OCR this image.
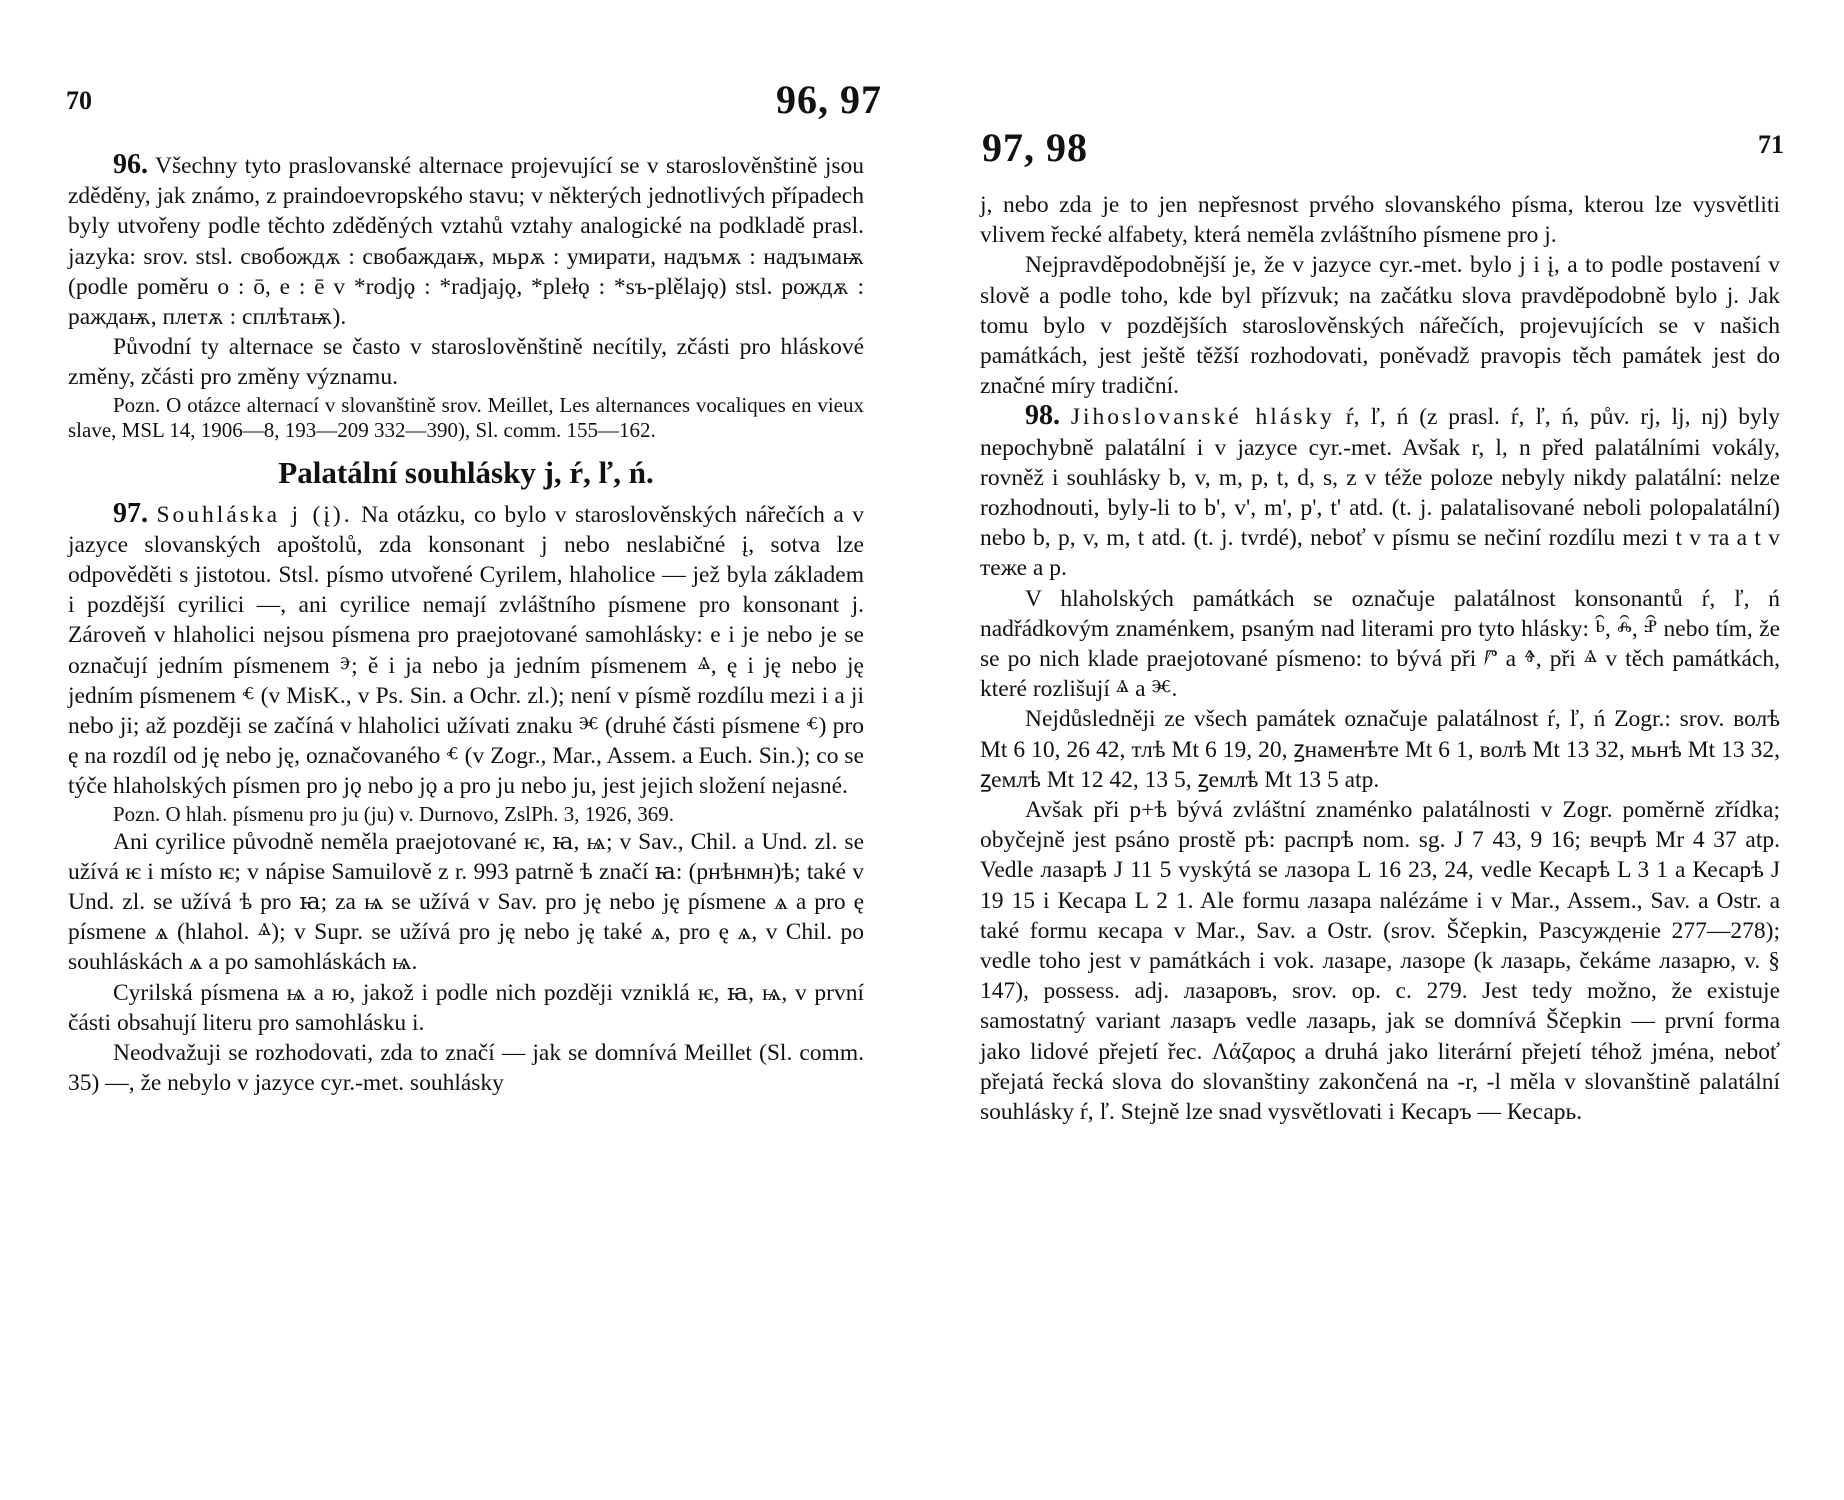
70	96, 97

96. Všechny tyto praslovanské alternace projevující se v staroslověnštině jsou zděděny, jak známo, z praindoevropského stavu; v některých jednotlivých případech byly utvořeny podle těchto zděděných vztahů vztahy analogické na podkladě prasl. jazyka: srov. stsl. свобождѫ : свобаждаѭ, мьрѫ : умирати, надъмѫ : надъıмаѭ (podle poměru o : ō, e : ē v *rodjǫ : *radjajǫ, *plełǫ : *sъ-plělajǫ) stsl. рождѫ : раждаѭ, плетѫ : сплѣтаѭ).

Původní ty alternace se často v staroslověnštině necítily, zčásti pro hláskové změny, zčásti pro změny významu.

Pozn. O otázce alternací v slovanštině srov. Meillet, Les alternances vocaliques en vieux slave, MSL 14, 1906—8, 193—209 332—390), Sl. comm. 155—162.

Palatální souhlásky j, ŕ, ľ, ń.

97. Souhláska j (į). Na otázku, co bylo v staroslověnských nářečích a v jazyce slovanských apoštolů, zda konsonant j nebo neslabičné į, sotva lze odpověděti s jistotou. Stsl. písmo utvořené Cyrilem, hlaholice — jež byla základem i pozdější cyrilici —, ani cyrilice nemají zvláštního písmene pro konsonant j. Zároveň v hlaholici nejsou písmena pro praejotované samohlásky: e i je nebo je se označují jedním písmenem ⰵ; ě i ja nebo ja jedním písmenem ⱑ, ę i ję nebo ję jedním písmenem ⱔ (v MisK., v Ps. Sin. a Ochr. zl.); není v písmě rozdílu mezi i a ji nebo ji; až později se začíná v hlaholici užívati znaku ⱗ (druhé části písmene ⱔ) pro ę na rozdíl od ję nebo ję, označovaného ⱔ (v Zogr., Mar., Assem. a Euch. Sin.); co se týče hlaholských písmen pro jǫ nebo jǫ a pro ju nebo ju, jest jejich složení nejasné.

Pozn. O hlah. písmenu pro ju (ju) v. Durnovo, ZslPh. 3, 1926, 369.

Ani cyrilice původně neměla praejotované ѥ, ꙗ, ѩ; v Sav., Chil. a Und. zl. se užívá ѥ i místo ѥ; v nápise Samuilově z r. 993 patrně ѣ značí ꙗ: (рнѣнмн)ѣ; také v Und. zl. se užívá ѣ pro ꙗ; za ѩ se užívá v Sav. pro ję nebo ję písmene ѧ a pro ę písmene ѧ (hlahol. ⱑ); v Supr. se užívá pro ję nebo ję také ѧ, pro ę ѧ, v Chil. po souhláskách ѧ a po samohláskách ѩ.

Cyrilská písmena ѩ a ю, jakož i podle nich později vzniklá ѥ, ꙗ, ѩ, v první části obsahují literu pro samohlásku i.

Neodvažuji se rozhodovati, zda to značí — jak se domnívá Meillet (Sl. comm. 35) —, že nebylo v jazyce cyr.-met. souhlásky

97, 98	71

j, nebo zda je to jen nepřesnost prvého slovanského písma, kterou lze vysvětliti vlivem řecké alfabety, která neměla zvláštního písmene pro j.

Nejpravděpodobnější je, že v jazyce cyr.-met. bylo j i į, a to podle postavení v slově a podle toho, kde byl přízvuk; na začátku slova pravděpodobně bylo j. Jak tomu bylo v pozdějších staroslověnských nářečích, projevujících se v našich památkách, jest ještě těžší rozhodovati, poněvadž pravopis těch památek jest do značné míry tradiční.

98. Jihoslovanské hlásky ŕ, ľ, ń (z prasl. ŕ, ľ, ń, pův. rj, lj, nj) byly nepochybně palatální i v jazyce cyr.-met. Avšak r, l, n před palatálními vokály, rovněž i souhlásky b, v, m, p, t, d, s, z v téže poloze nebyly nikdy palatální: nelze rozhodnouti, byly-li to b', v', m', p', t' atd. (t. j. palatalisované neboli polopalatální) nebo b, p, v, m, t atd. (t. j. tvrdé), neboť v písmu se nečiní rozdílu mezi t v та a t v теже a p.

V hlaholských památkách se označuje palatálnost konsonantů ŕ, ľ, ń nadřádkovým znaménkem, psaným nad literami pro tyto hlásky: ⱃ҄, ⰾ҄, ⱀ҄ nebo tím, že se po nich klade praejotované písmeno: to bývá při ⱓ a ⱖ, při ⱑ v těch památkách, které rozlišují ⱑ a ⱗ.

Nejdůsledněji ze všech památek označuje palatálnost ŕ, ľ, ń Zogr.: srov. волѣ Mt 6 10, 26 42, тлѣ Mt 6 19, 20, ꙁнаменѣте Mt 6 1, волѣ Mt 13 32, мьнѣ Mt 13 32, ꙁемлѣ Mt 12 42, 13 5, ꙁемлѣ Mt 13 5 atp.

Avšak při р+ѣ bývá zvláštní znaménko palatálnosti v Zogr. poměrně zřídka; obyčejně jest psáno prostě рѣ: распрѣ nom. sg. J 7 43, 9 16; вечрѣ Mr 4 37 atp. Vedle лазарѣ J 11 5 vyskýtá se лазора L 16 23, 24, vedle Кесарѣ L 3 1 a Кесарѣ J 19 15 i Кесара L 2 1. Ale formu лазара nalézáme i v Mar., Assem., Sav. a Ostr. a také formu кесара v Mar., Sav. a Ostr. (srov. Ščepkin, Разсужденіе 277—278); vedle toho jest v památkách i vok. лазаре, лазоре (k лазарь, čekáme лазарю, v. § 147), possess. adj. лазаровъ, srov. op. c. 279. Jest tedy možno, že existuje samostatný variant лазаръ vedle лазарь, jak se domnívá Ščepkin — první forma jako lidové přejetí řec. Λάζαρος a druhá jako literární přejetí téhož jména, neboť přejatá řecká slova do slovanštiny zakončená na -r, -l měla v slovanštině palatální souhlásky ŕ, ľ. Stejně lze snad vysvětlovati i Кесаръ — Кесарь.
